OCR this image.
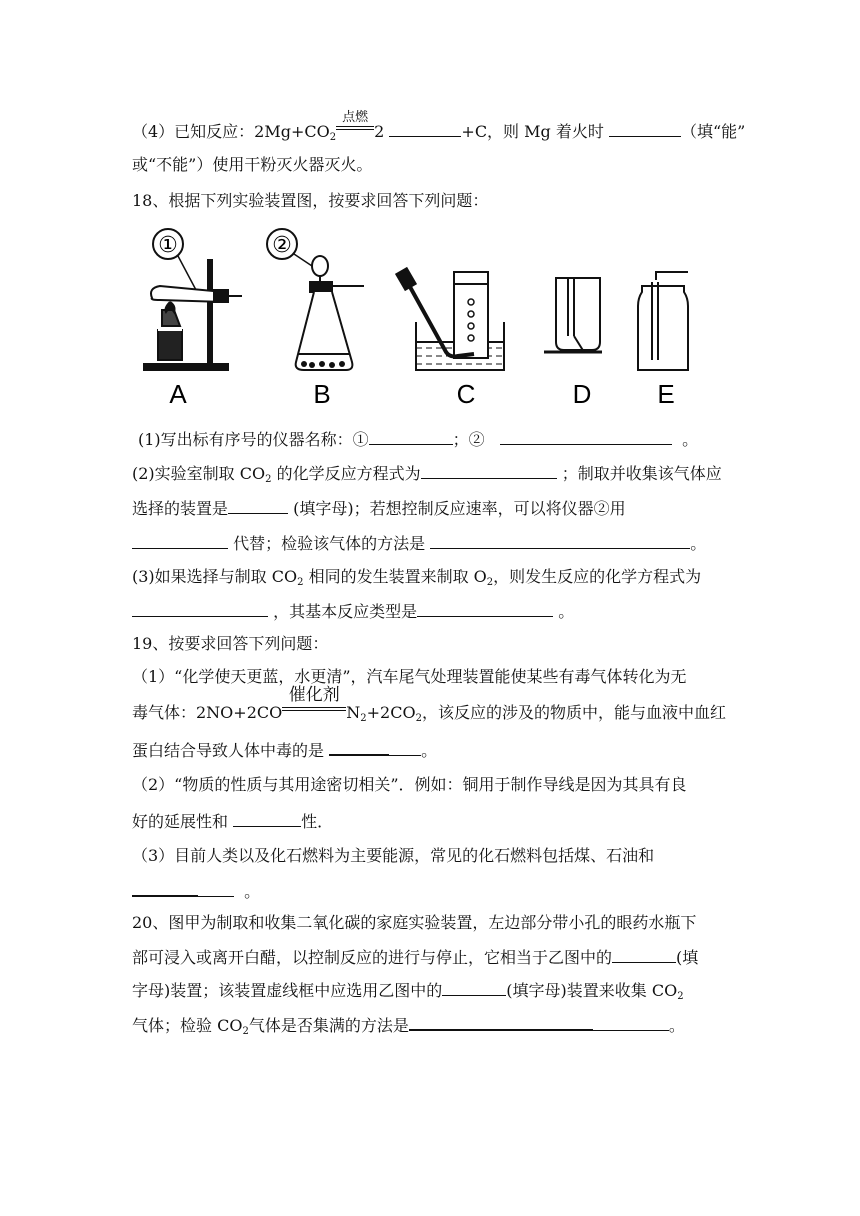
（4）已知反应：$2Mg+CO_2$
点燃
2	+C，则 Mg 着火时	（填“能”
或“不能”）使用干粉灭火器灭火。
18、根据下列实验装置图，按要求回答下列问题：
①	②
A	B	C	D	E
(1)写出标有序号的仪器名称：①	；②	。
(2)实验室制取 $CO_2$ 的化学反应方程式为	；制取并收集该气体应
选择的装置是	(填字母)；若想控制反应速率，可以将仪器②用
代替；检验该气体的方法是	。
(3)如果选择与制取 $CO_2$ 相同的发生装置来制取 $O_2$，则发生反应的化学方程式为
，其基本反应类型是	。
19、按要求回答下列问题：
（1）“化学使天更蓝，水更清”，汽车尾气处理装置能使某些有毒气体转化为无
毒气体：2NO+2CO
催化剂
$N_2+2CO_2$，该反应的涉及的物质中，能与血液中血红
蛋白结合导致人体中毒的是	。
（2）“物质的性质与其用途密切相关”．例如：铜用于制作导线是因为其具有良
好的延展性和	性．
（3）目前人类以及化石燃料为主要能源，常见的化石燃料包括煤、石油和
。
20、图甲为制取和收集二氧化碳的家庭实验装置，左边部分带小孔的眼药水瓶下
部可浸入或离开白醋，以控制反应的进行与停止，它相当于乙图中的	(填
字母)装置；该装置虚线框中应选用乙图中的	(填字母)装置来收集 $CO_2$
气体；检验 $CO_2$气体是否集满的方法是	。
